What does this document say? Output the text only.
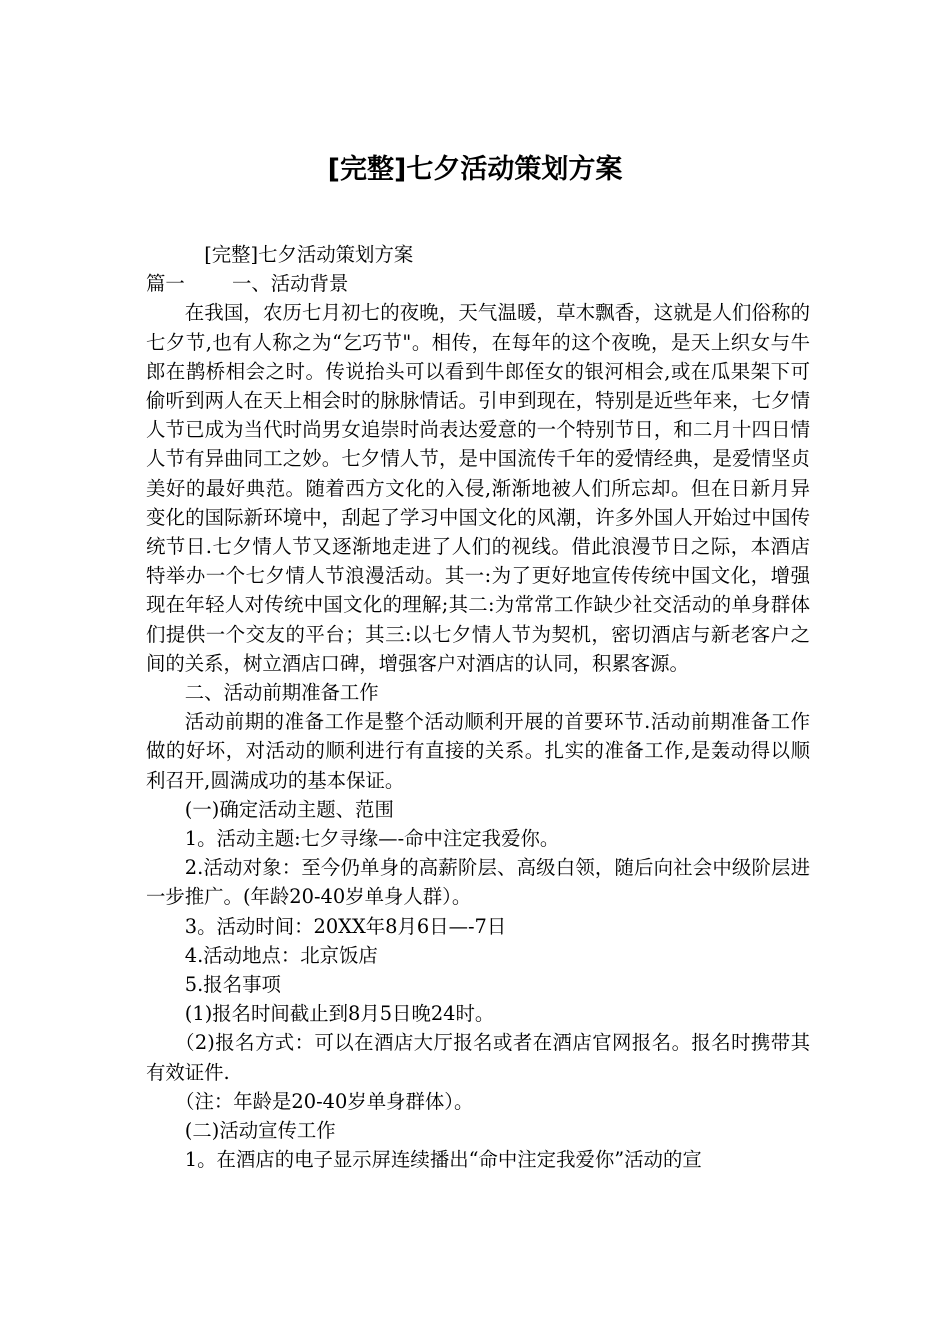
[完整]七夕活动策划方案

[完整]七夕活动策划方案

篇一	一、活动背景

在我国，农历七月初七的夜晚，天气温暖，草木飘香，这就是人们俗称的七夕节,也有人称之为“乞巧节"。相传，在每年的这个夜晚，是天上织女与牛郎在鹊桥相会之时。传说抬头可以看到牛郎侄女的银河相会,或在瓜果架下可偷听到两人在天上相会时的脉脉情话。引申到现在，特别是近些年来，七夕情人节已成为当代时尚男女追崇时尚表达爱意的一个特别节日，和二月十四日情人节有异曲同工之妙。七夕情人节，是中国流传千年的爱情经典，是爱情坚贞美好的最好典范。随着西方文化的入侵,渐渐地被人们所忘却。但在日新月异变化的国际新环境中，刮起了学习中国文化的风潮，许多外国人开始过中国传统节日.七夕情人节又逐渐地走进了人们的视线。借此浪漫节日之际，本酒店特举办一个七夕情人节浪漫活动。其一:为了更好地宣传传统中国文化，增强现在年轻人对传统中国文化的理解;其二:为常常工作缺少社交活动的单身群体们提供一个交友的平台；其三:以七夕情人节为契机，密切酒店与新老客户之间的关系，树立酒店口碑，增强客户对酒店的认同，积累客源。

二、活动前期准备工作

活动前期的准备工作是整个活动顺利开展的首要环节.活动前期准备工作做的好坏，对活动的顺利进行有直接的关系。扎实的准备工作,是轰动得以顺利召开,圆满成功的基本保证。

(一)确定活动主题、范围

1。活动主题:七夕寻缘—-命中注定我爱你。

2.活动对象：至今仍单身的高薪阶层、高级白领，随后向社会中级阶层进一步推广。(年龄20-40岁单身人群）。

3。活动时间：20XX年8月6日—-7日

4.活动地点：北京饭店

5.报名事项

(1)报名时间截止到8月5日晚24时。

（2)报名方式：可以在酒店大厅报名或者在酒店官网报名。报名时携带其有效证件.

（注：年龄是20-40岁单身群体）。

(二)活动宣传工作

1。在酒店的电子显示屏连续播出“命中注定我爱你”活动的宣
